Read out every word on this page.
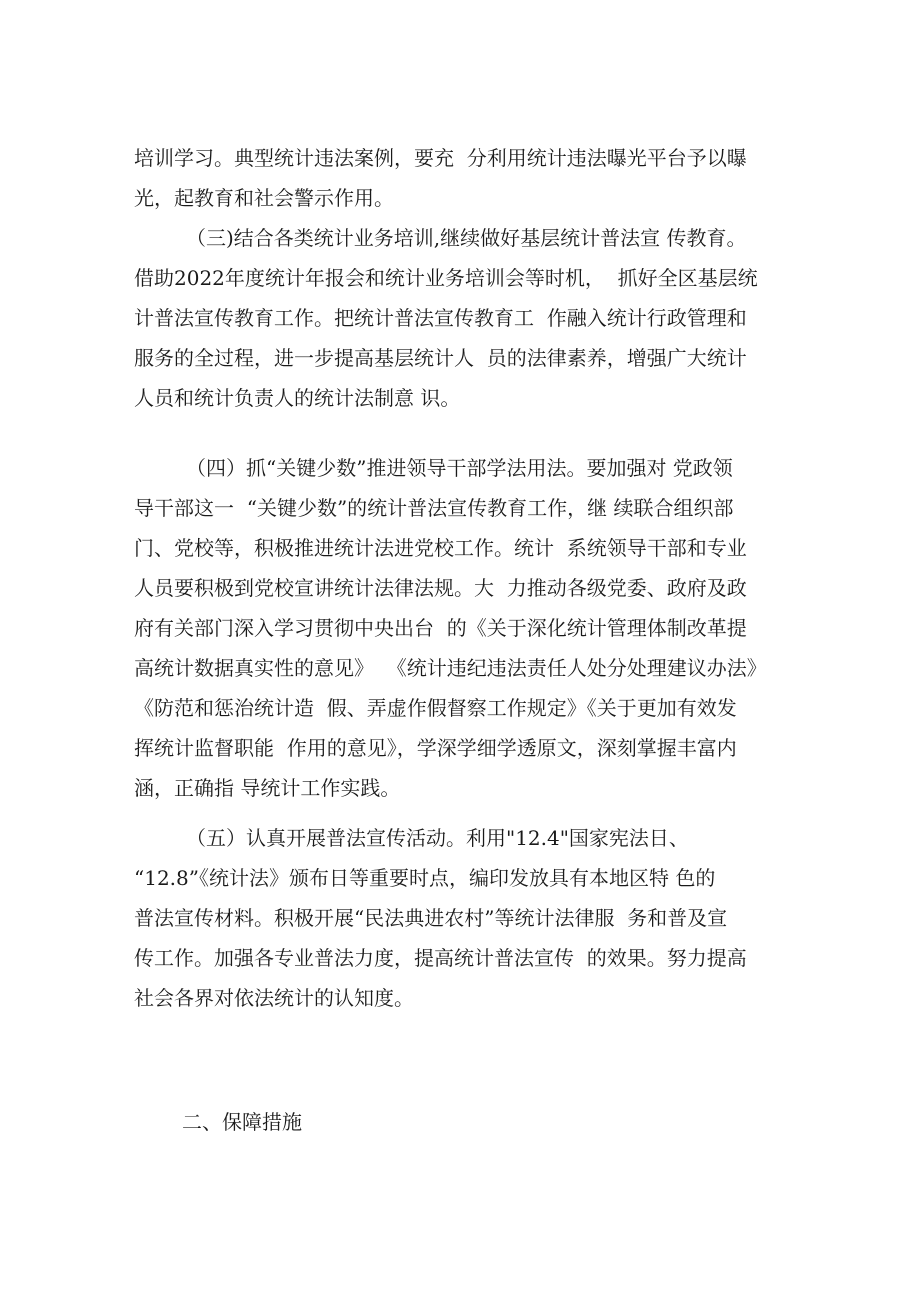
培训学习。典型统计违法案例，要充  分利用统计违法曝光平台予以曝
光，起教育和社会警示作用。
（三)结合各类统计业务培训,继续做好基层统计普法宣 传教育。
借助2022年度统计年报会和统计业务培训会等时机，  抓好全区基层统
计普法宣传教育工作。把统计普法宣传教育工  作融入统计行政管理和
服务的全过程，进一步提高基层统计人  员的法律素养，增强广大统计
人员和统计负责人的统计法制意 识。
（四）抓“关键少数”推进领导干部学法用法。要加强对 党政领
导干部这一  “关键少数”的统计普法宣传教育工作，继 续联合组织部
门、党校等，积极推进统计法进党校工作。统计  系统领导干部和专业
人员要积极到党校宣讲统计法律法规。大  力推动各级党委、政府及政
府有关部门深入学习贯彻中央出台  的《关于深化统计管理体制改革提
高统计数据真实性的意见》  《统计违纪违法责任人处分处理建议办法》
《防范和惩治统计造  假、弄虚作假督察工作规定》《关于更加有效发
挥统计监督职能  作用的意见》，学深学细学透原文，深刻掌握丰富内
涵，正确指 导统计工作实践。
（五）认真开展普法宣传活动。利用"12.4"国家宪法日、
“12.8”《统计法》颁布日等重要时点，编印发放具有本地区特 色的
普法宣传材料。积极开展“民法典进农村”等统计法律服  务和普及宣
传工作。加强各专业普法力度，提高统计普法宣传  的效果。努力提高
社会各界对依法统计的认知度。
二、保障措施
